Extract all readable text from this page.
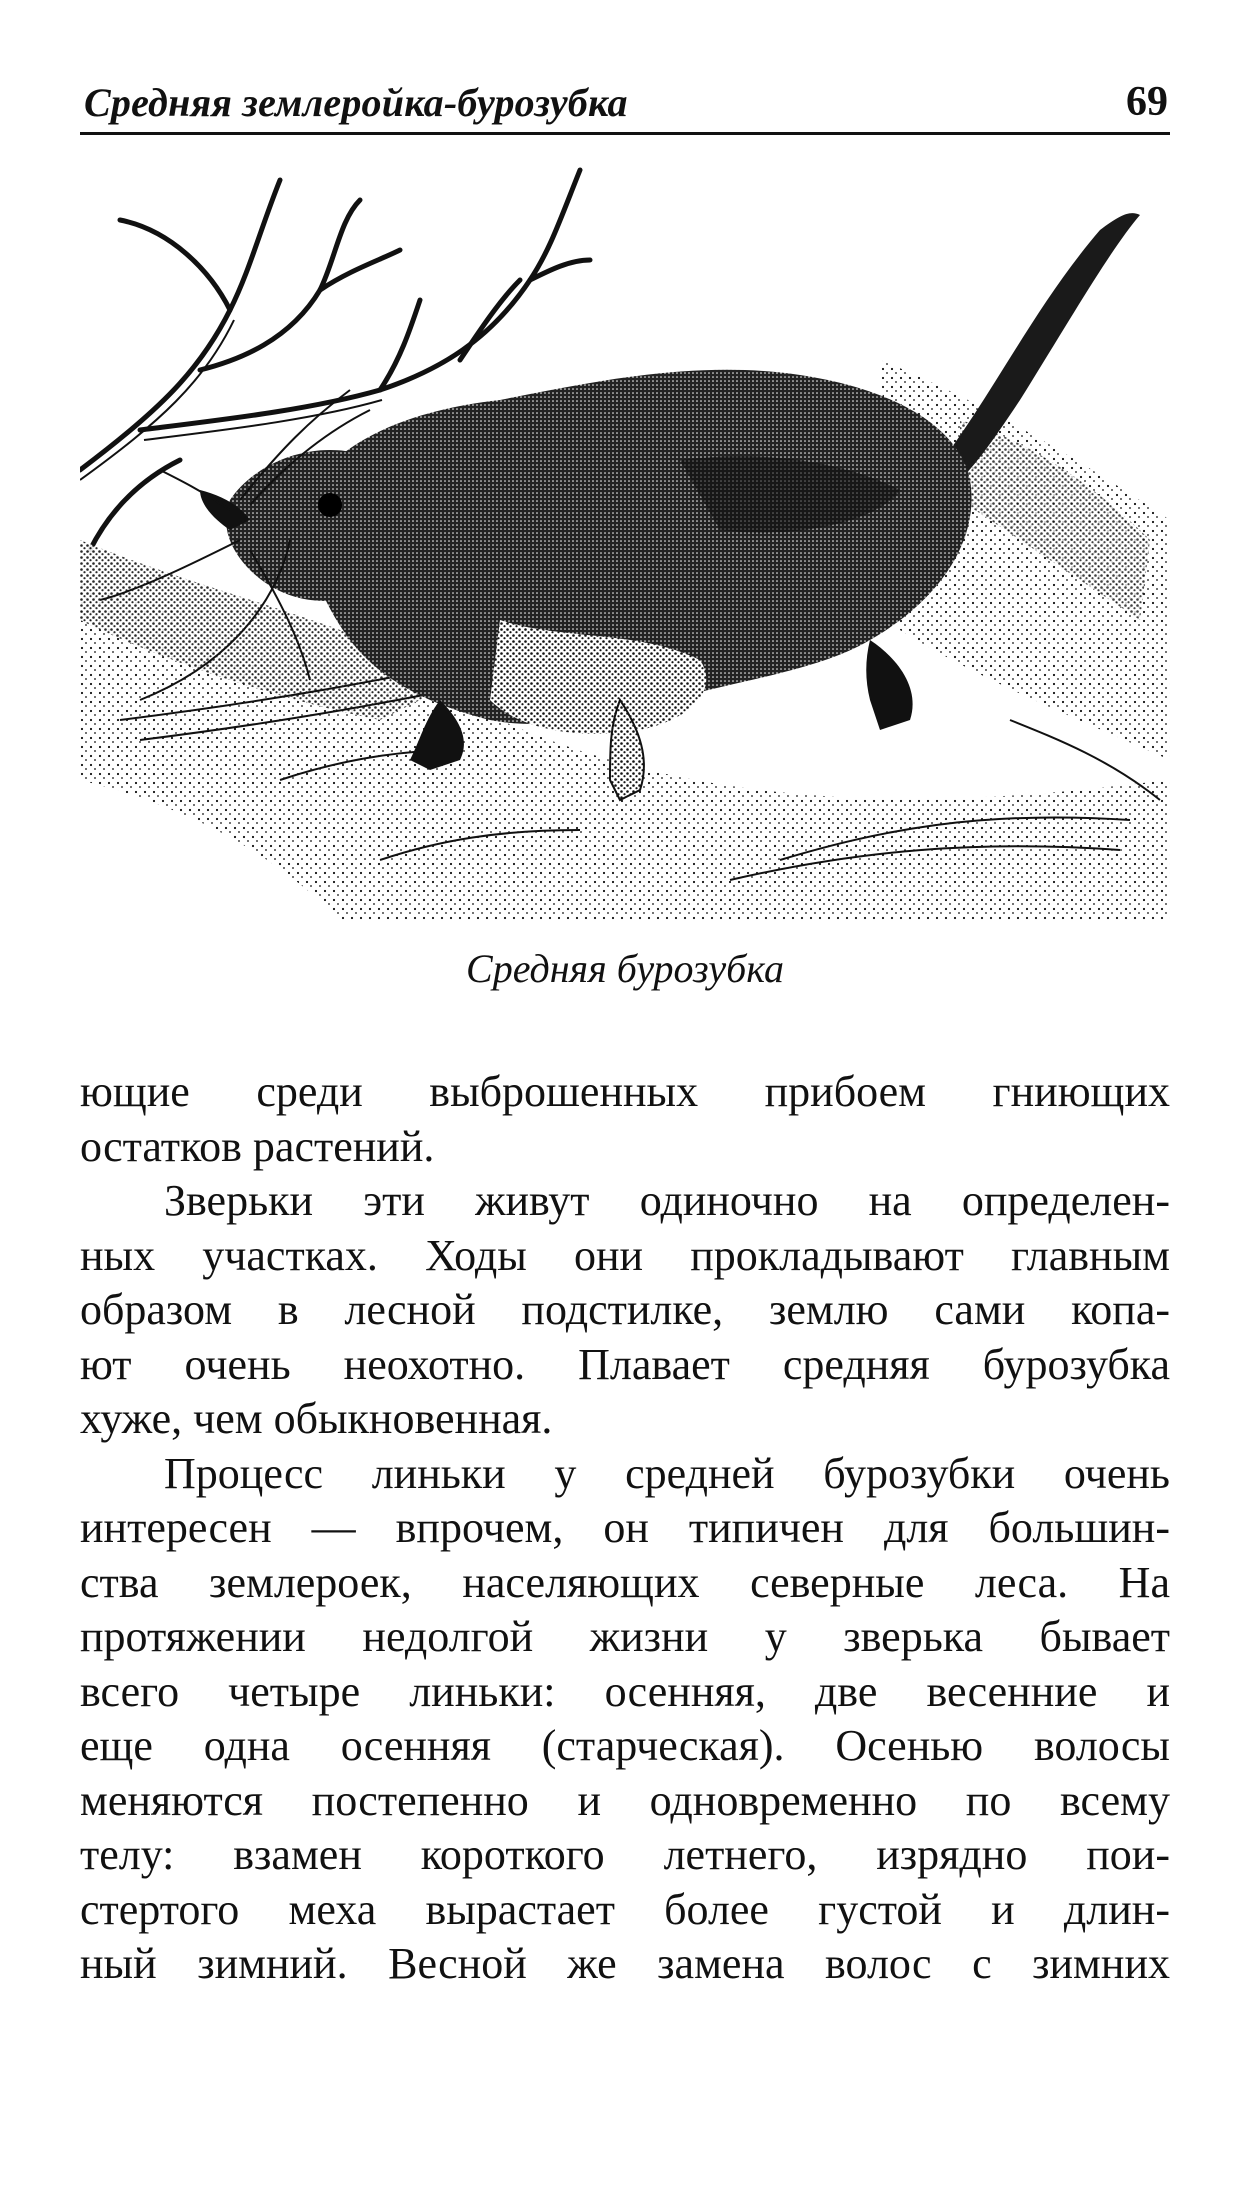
Средняя землеройка-бурозубка	69
Средняя бурозубка

ющие среди выброшенных прибоем гниющих
остатков растений.

Зверьки эти живут одиночно на определен-
ных участках. Ходы они прокладывают главным
образом в лесной подстилке, землю сами копа-
ют очень неохотно. Плавает средняя бурозубка
хуже, чем обыкновенная.

Процесс линьки у средней бурозубки очень
интересен — впрочем, он типичен для большин-
ства землероек, населяющих северные леса. На
протяжении недолгой жизни у зверька бывает
всего четыре линьки: осенняя, две весенние и
еще одна осенняя (старческая). Осенью волосы
меняются постепенно и одновременно по всему
телу: взамен короткого летнего, изрядно пои-
стертого меха вырастает более густой и длин-
ный зимний. Весной же замена волос с зимних
